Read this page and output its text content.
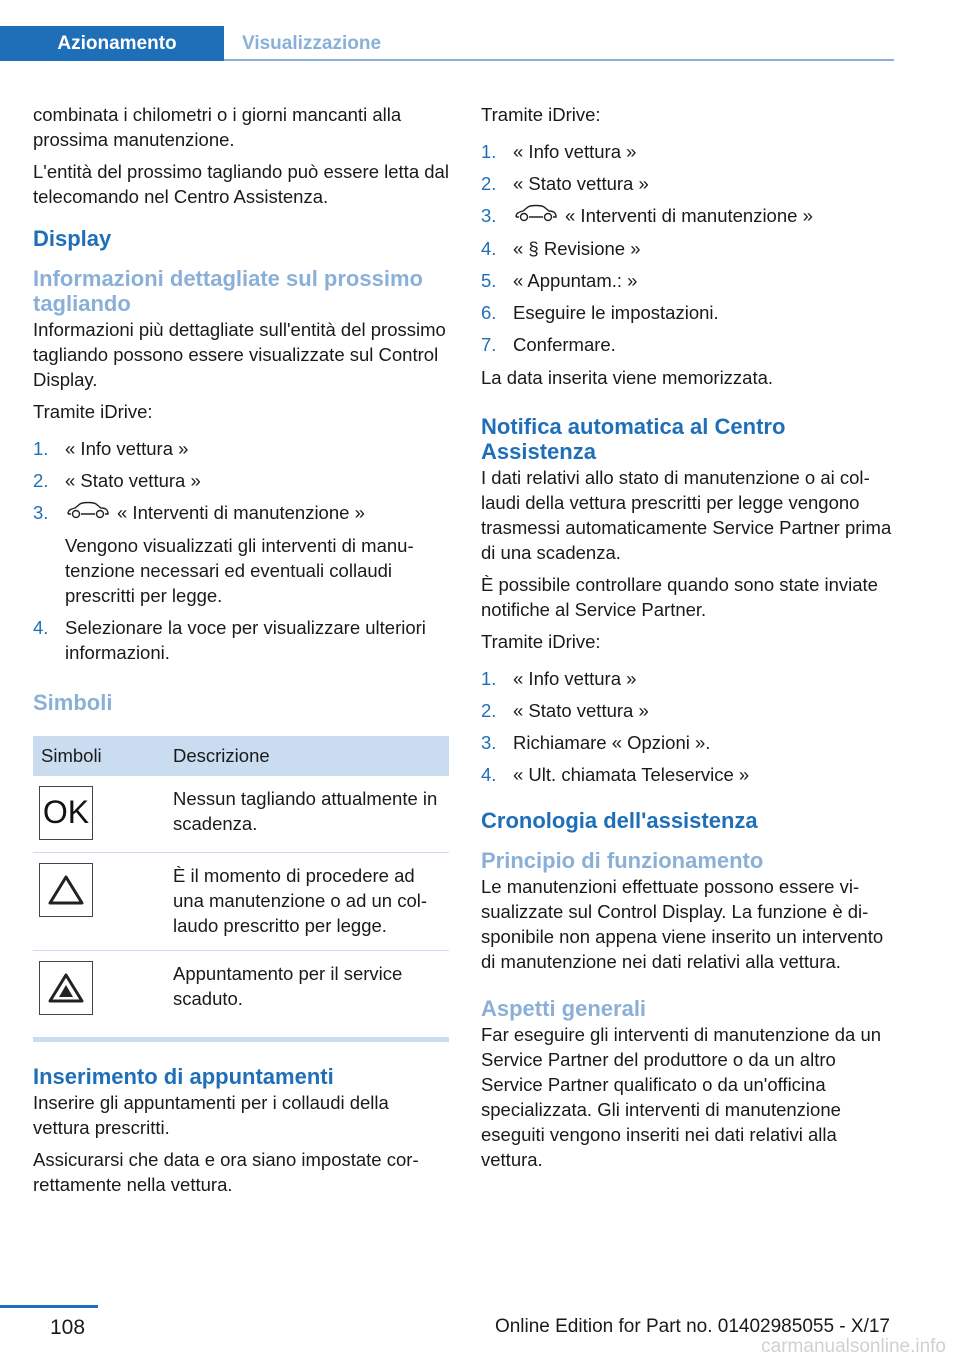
Azionamento	Visualizzazione

combinata i chilometri o i giorni mancanti alla prossima manutenzione.

L'entità del prossimo tagliando può essere letta dal telecomando nel Centro Assistenza.

Display
Informazioni dettagliate sul prossimo tagliando

Informazioni più dettagliate sull'entità del prossimo tagliando possono essere visualizzate sul Control Display.

Tramite iDrive:

1. « Info vettura »
2. « Stato vettura »
3.	« Interventi di manutenzione »
Vengono visualizzati gli interventi di manutenzione necessari ed eventuali collaudi prescritti per legge.
4. Selezionare la voce per visualizzare ulteriori informazioni.
Simboli
Simboli	Descrizione

OK	Nessun tagliando attualmente in scadenza.

	È il momento di procedere ad una manutenzione o ad un collaudo prescritto per legge.

	Appuntamento per il service scaduto.
Inserimento di appuntamenti

Inserire gli appuntamenti per i collaudi della vettura prescritti.

Assicurarsi che data e ora siano impostate correttamente nella vettura.

Tramite iDrive:

1. « Info vettura »
2. « Stato vettura »
3.	« Interventi di manutenzione »
4. « § Revisione »
5. « Appuntam.: »
6. Eseguire le impostazioni.
7. Confermare.

La data inserita viene memorizzata.

Notifica automatica al Centro Assistenza

I dati relativi allo stato di manutenzione o ai collaudi della vettura prescritti per legge vengono trasmessi automaticamente Service Partner prima di una scadenza.

È possibile controllare quando sono state inviate notifiche al Service Partner.

Tramite iDrive:

1. « Info vettura »
2. « Stato vettura »
3. Richiamare « Opzioni ».
4. « Ult. chiamata Teleservice »
Cronologia dell'assistenza
Principio di funzionamento

Le manutenzioni effettuate possono essere visualizzate sul Control Display. La funzione è disponibile non appena viene inserito un intervento di manutenzione nei dati relativi alla vettura.

Aspetti generali

Far eseguire gli interventi di manutenzione da un Service Partner del produttore o da un altro Service Partner qualificato o da un'officina specializzata. Gli interventi di manutenzione eseguiti vengono inseriti nei dati relativi alla vettura.

108	Online Edition for Part no. 01402985055 - X/17
carmanualsonline.info
